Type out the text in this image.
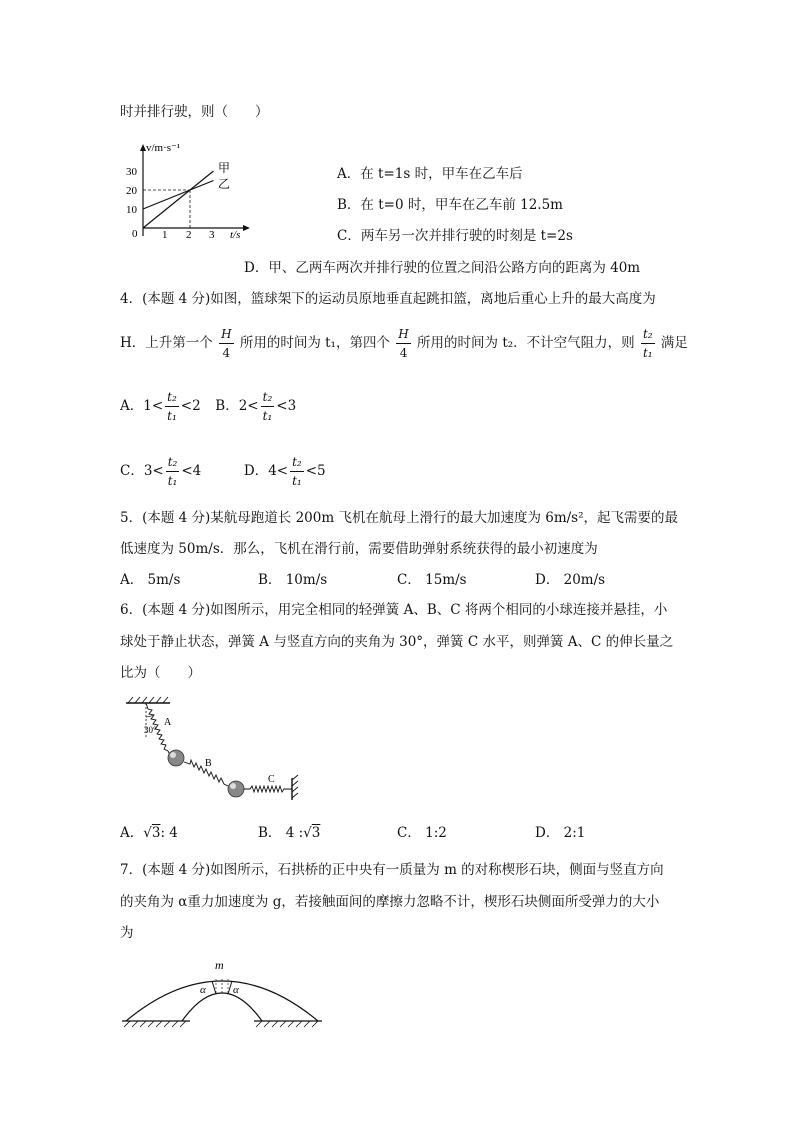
时并排行驶，则（　　）
v/m·s⁻¹
30
20
10
0 1 2 3 t/s
甲
乙
A．在 t=1s 时，甲车在乙车后
B．在 t=0 时，甲车在乙车前 12.5m
C．两车另一次并排行驶的时刻是 t=2s
D．甲、乙两车两次并排行驶的位置之间沿公路方向的距离为 40m
4．(本题 4 分)如图，篮球架下的运动员原地垂直起跳扣篮，离地后重心上升的最大高度为
H．上升第一个 $\frac{H}{4}$ 所用的时间为 t₁，第四个 $\frac{H}{4}$ 所用的时间为 t₂．不计空气阻力，则 $\frac{\text{t₂}}{\text{t₁}}$ 满足
A．$1< \frac{\text{t₂}}{\text{t₁}} <2$ B．$2< \frac{\text{t₂}}{\text{t₁}} <3$
C．$3< \frac{\text{t₂}}{\text{t₁}} <4$	D．$4< \frac{\text{t₂}}{\text{t₁}} <5$
5．(本题 4 分)某航母跑道长 200m 飞机在航母上滑行的最大加速度为 6m/s²，起飞需要的最
低速度为 50m/s．那么，飞机在滑行前，需要借助弹射系统获得的最小初速度为
A． 5m/s	B． 10m/s	C． 15m/s	D． 20m/s
6．(本题 4 分)如图所示，用完全相同的轻弹簧 A、B、C 将两个相同的小球连接并悬挂，小
球处于静止状态，弹簧 A 与竖直方向的夹角为 30°，弹簧 C 水平，则弹簧 A、C 的伸长量之
比为（　　）
A
30°
B
C
A．√3: 4	B． 4 :√3	C． 1:2	D． 2:1
7．(本题 4 分)如图所示，石拱桥的正中央有一质量为 m 的对称楔形石块，侧面与竖直方向
的夹角为 α重力加速度为 g，若接触面间的摩擦力忽略不计，楔形石块侧面所受弹力的大小
为
m
α α
